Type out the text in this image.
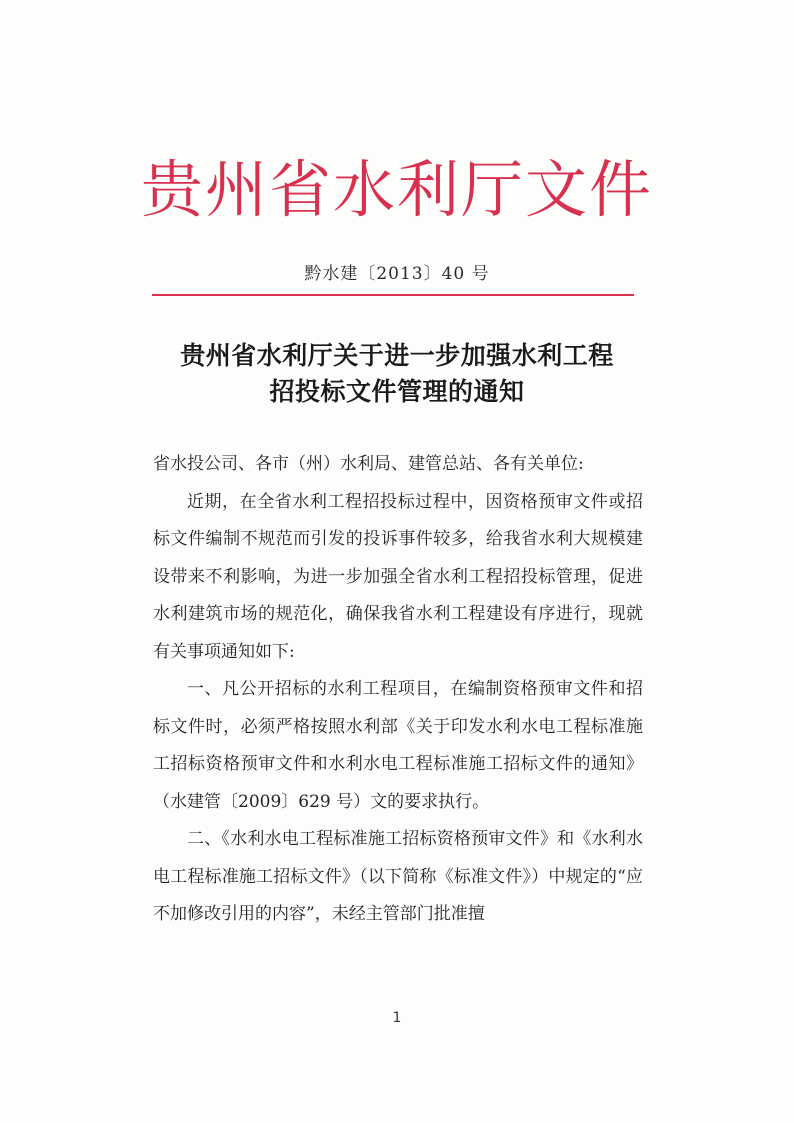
贵州省水利厅文件
黔水建〔2013〕40 号
贵州省水利厅关于进一步加强水利工程
招投标文件管理的通知

省水投公司、各市（州）水利局、建管总站、各有关单位:

近期，在全省水利工程招投标过程中，因资格预审文件或招标文件编制不规范而引发的投诉事件较多，给我省水利大规模建设带来不利影响，为进一步加强全省水利工程招投标管理，促进水利建筑市场的规范化，确保我省水利工程建设有序进行，现就有关事项通知如下:

一、凡公开招标的水利工程项目，在编制资格预审文件和招标文件时，必须严格按照水利部《关于印发水利水电工程标准施工招标资格预审文件和水利水电工程标准施工招标文件的通知》（水建管〔2009〕629 号）文的要求执行。

二、《水利水电工程标准施工招标资格预审文件》和《水利水电工程标准施工招标文件》（以下简称《标准文件》）中规定的“应不加修改引用的内容”，未经主管部门批准擅

1
